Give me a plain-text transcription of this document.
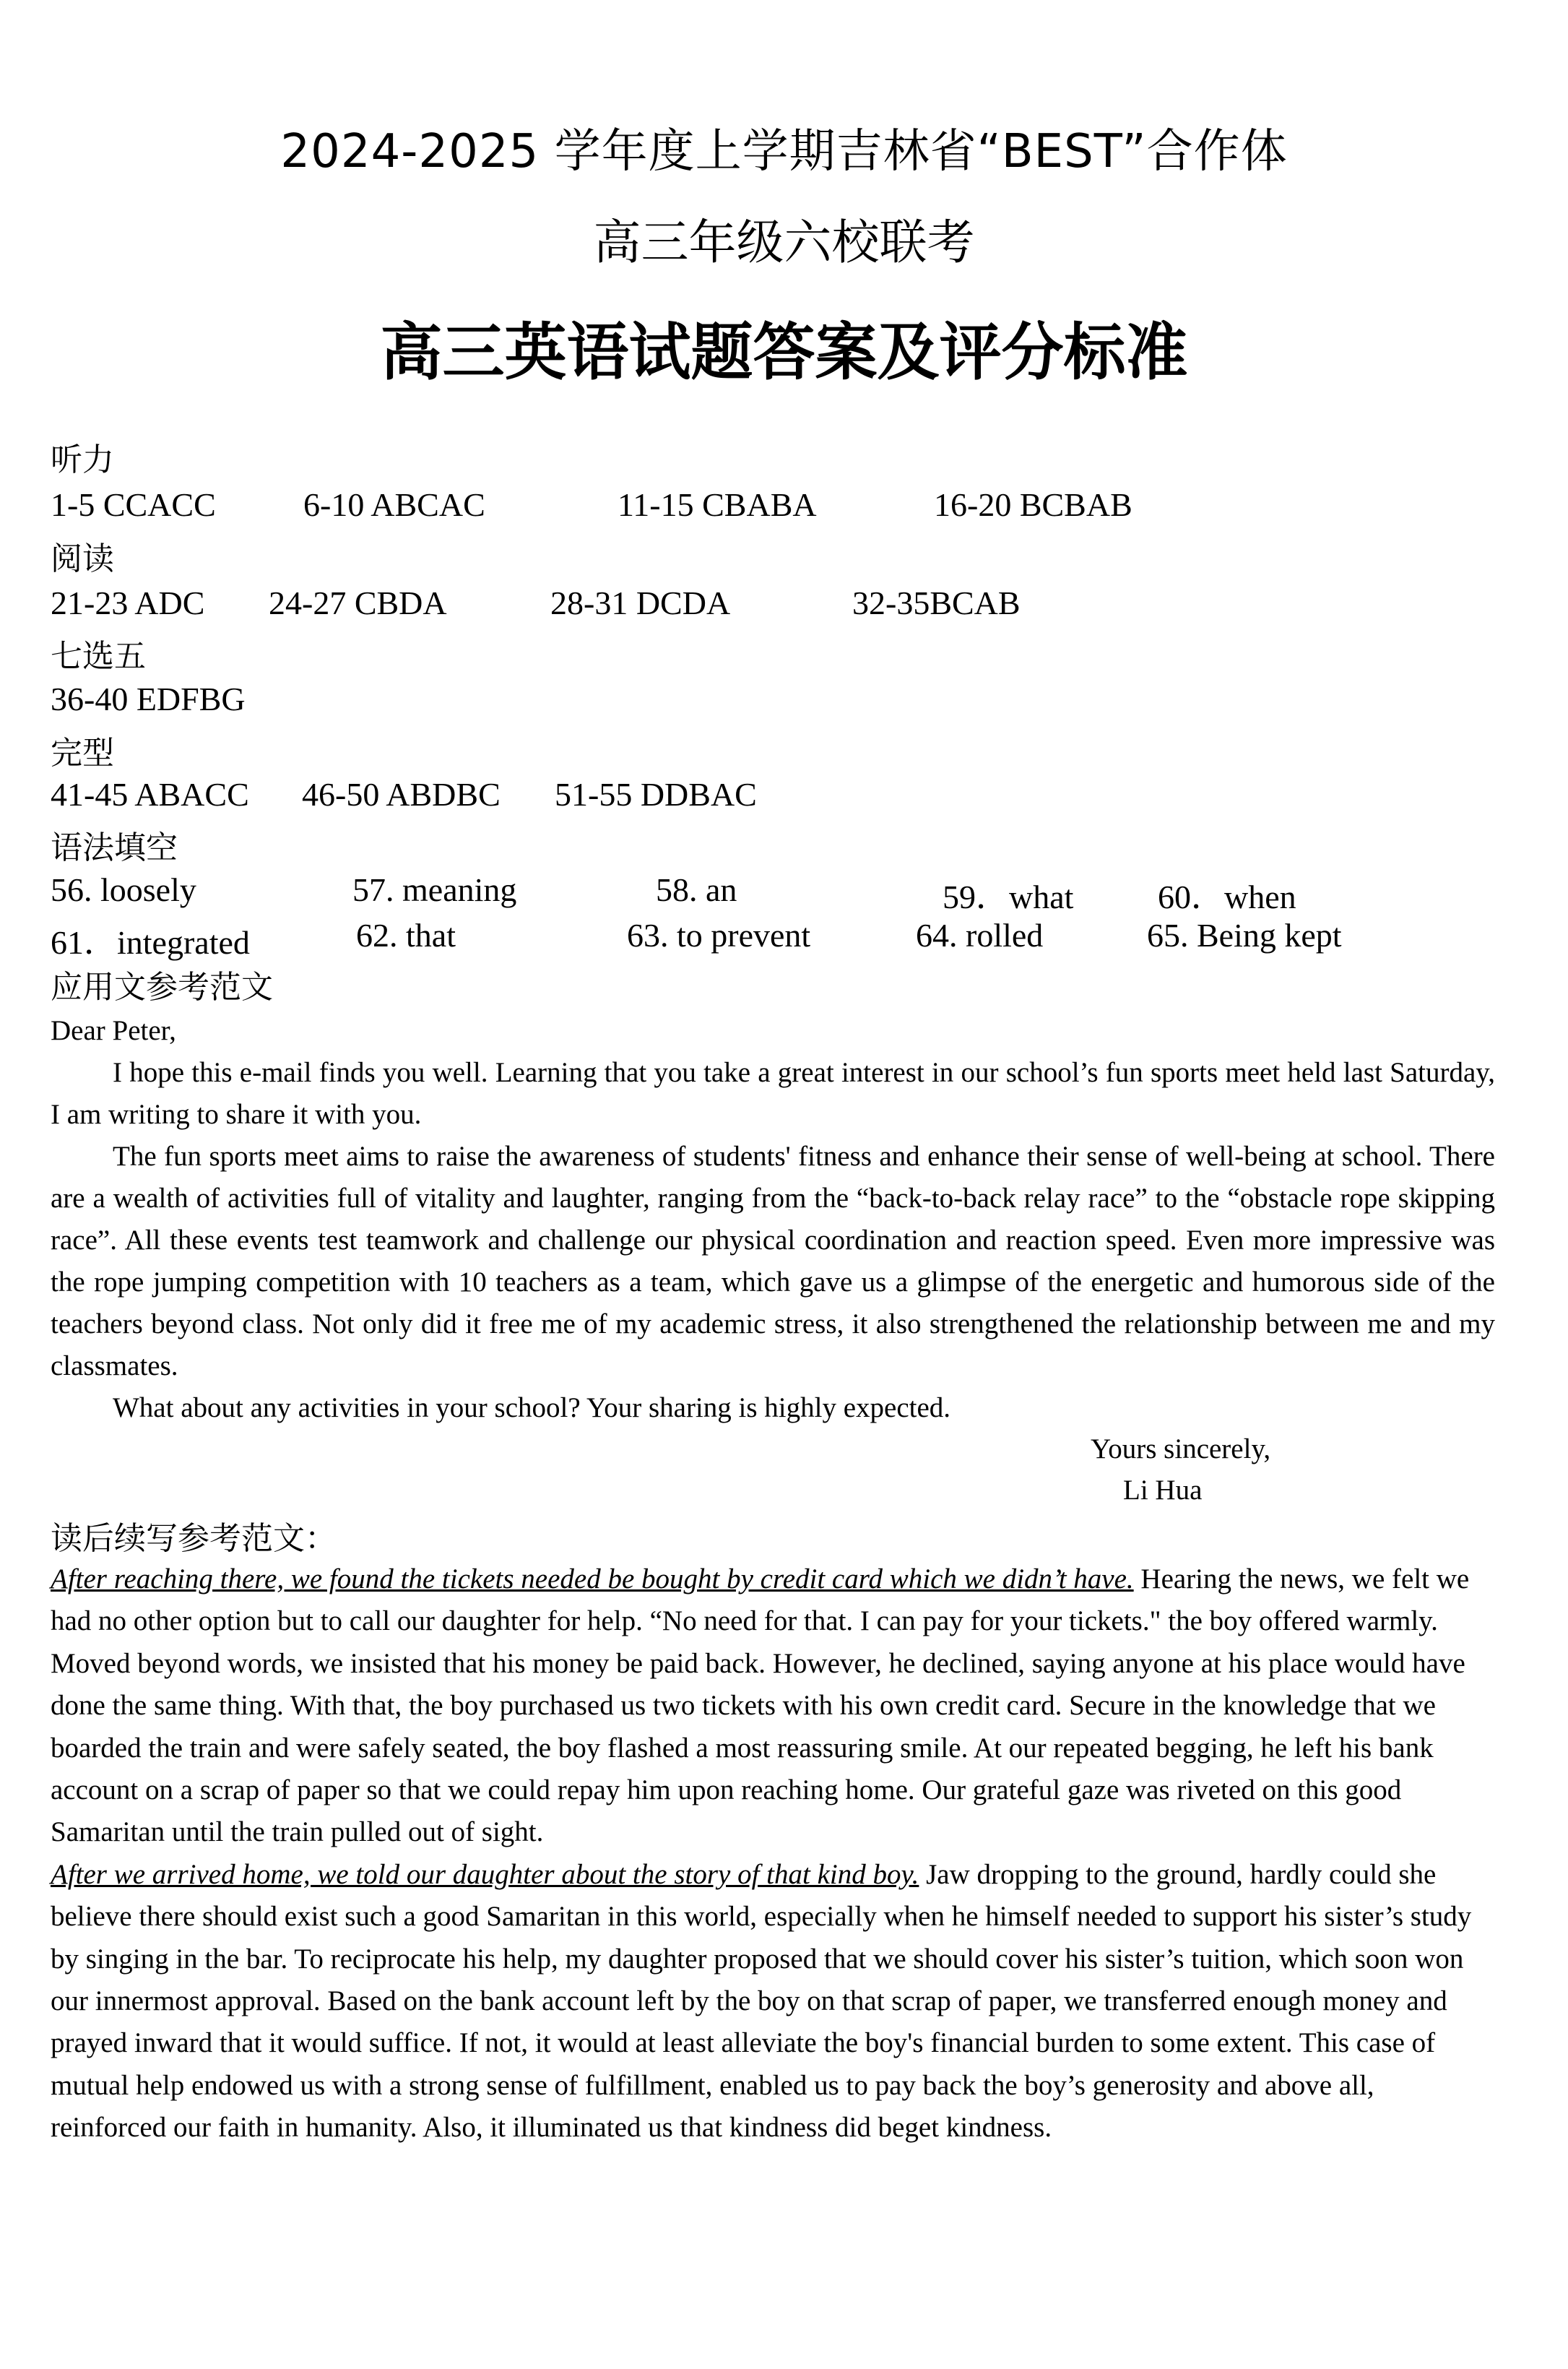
2024-2025 学年度上学期吉林省“BEST”合作体
高三年级六校联考
高三英语试题答案及评分标准
听力
1-5 CCACC	6-10 ABCAC	11-15 CBABA	16-20 BCBAB
阅读
21-23 ADC 24-27 CBDA	28-31 DCDA	32-35BCAB
七选五
36-40 EDFBG
完型
41-45 ABACC 46-50 ABDBC 51-55 DDBAC
语法填空
56. loosely	57. meaning	58. an	59．what	60．when
61．integrated	62. that	63. to prevent	64. rolled	65. Being kept
应用文参考范文

Dear Peter,

I hope this e-mail finds you well. Learning that you take a great interest in our school’s fun sports meet held last Saturday, I am writing to share it with you.

The fun sports meet aims to raise the awareness of students' fitness and enhance their sense of well-being at school. There are a wealth of activities full of vitality and laughter, ranging from the “back-to-back relay race” to the “obstacle rope skipping race”. All these events test teamwork and challenge our physical coordination and reaction speed. Even more impressive was the rope jumping competition with 10 teachers as a team, which gave us a glimpse of the energetic and humorous side of the teachers beyond class. Not only did it free me of my academic stress, it also strengthened the relationship between me and my classmates.

What about any activities in your school? Your sharing is highly expected.

Yours sincerely,
Li Hua
读后续写参考范文：

After reaching there, we found the tickets needed be bought by credit card which we didn’t have. Hearing the news, we felt we had no other option but to call our daughter for help. “No need for that. I can pay for your tickets." the boy offered warmly. Moved beyond words, we insisted that his money be paid back. However, he declined, saying anyone at his place would have done the same thing. With that, the boy purchased us two tickets with his own credit card. Secure in the knowledge that we boarded the train and were safely seated, the boy flashed a most reassuring smile. At our repeated begging, he left his bank account on a scrap of paper so that we could repay him upon reaching home. Our grateful gaze was riveted on this good Samaritan until the train pulled out of sight.

After we arrived home, we told our daughter about the story of that kind boy. Jaw dropping to the ground, hardly could she believe there should exist such a good Samaritan in this world, especially when he himself needed to support his sister’s study by singing in the bar. To reciprocate his help, my daughter proposed that we should cover his sister’s tuition, which soon won our innermost approval. Based on the bank account left by the boy on that scrap of paper, we transferred enough money and prayed inward that it would suffice. If not, it would at least alleviate the boy's financial burden to some extent. This case of mutual help endowed us with a strong sense of fulfillment, enabled us to pay back the boy’s generosity and above all, reinforced our faith in humanity. Also, it illuminated us that kindness did beget kindness.
